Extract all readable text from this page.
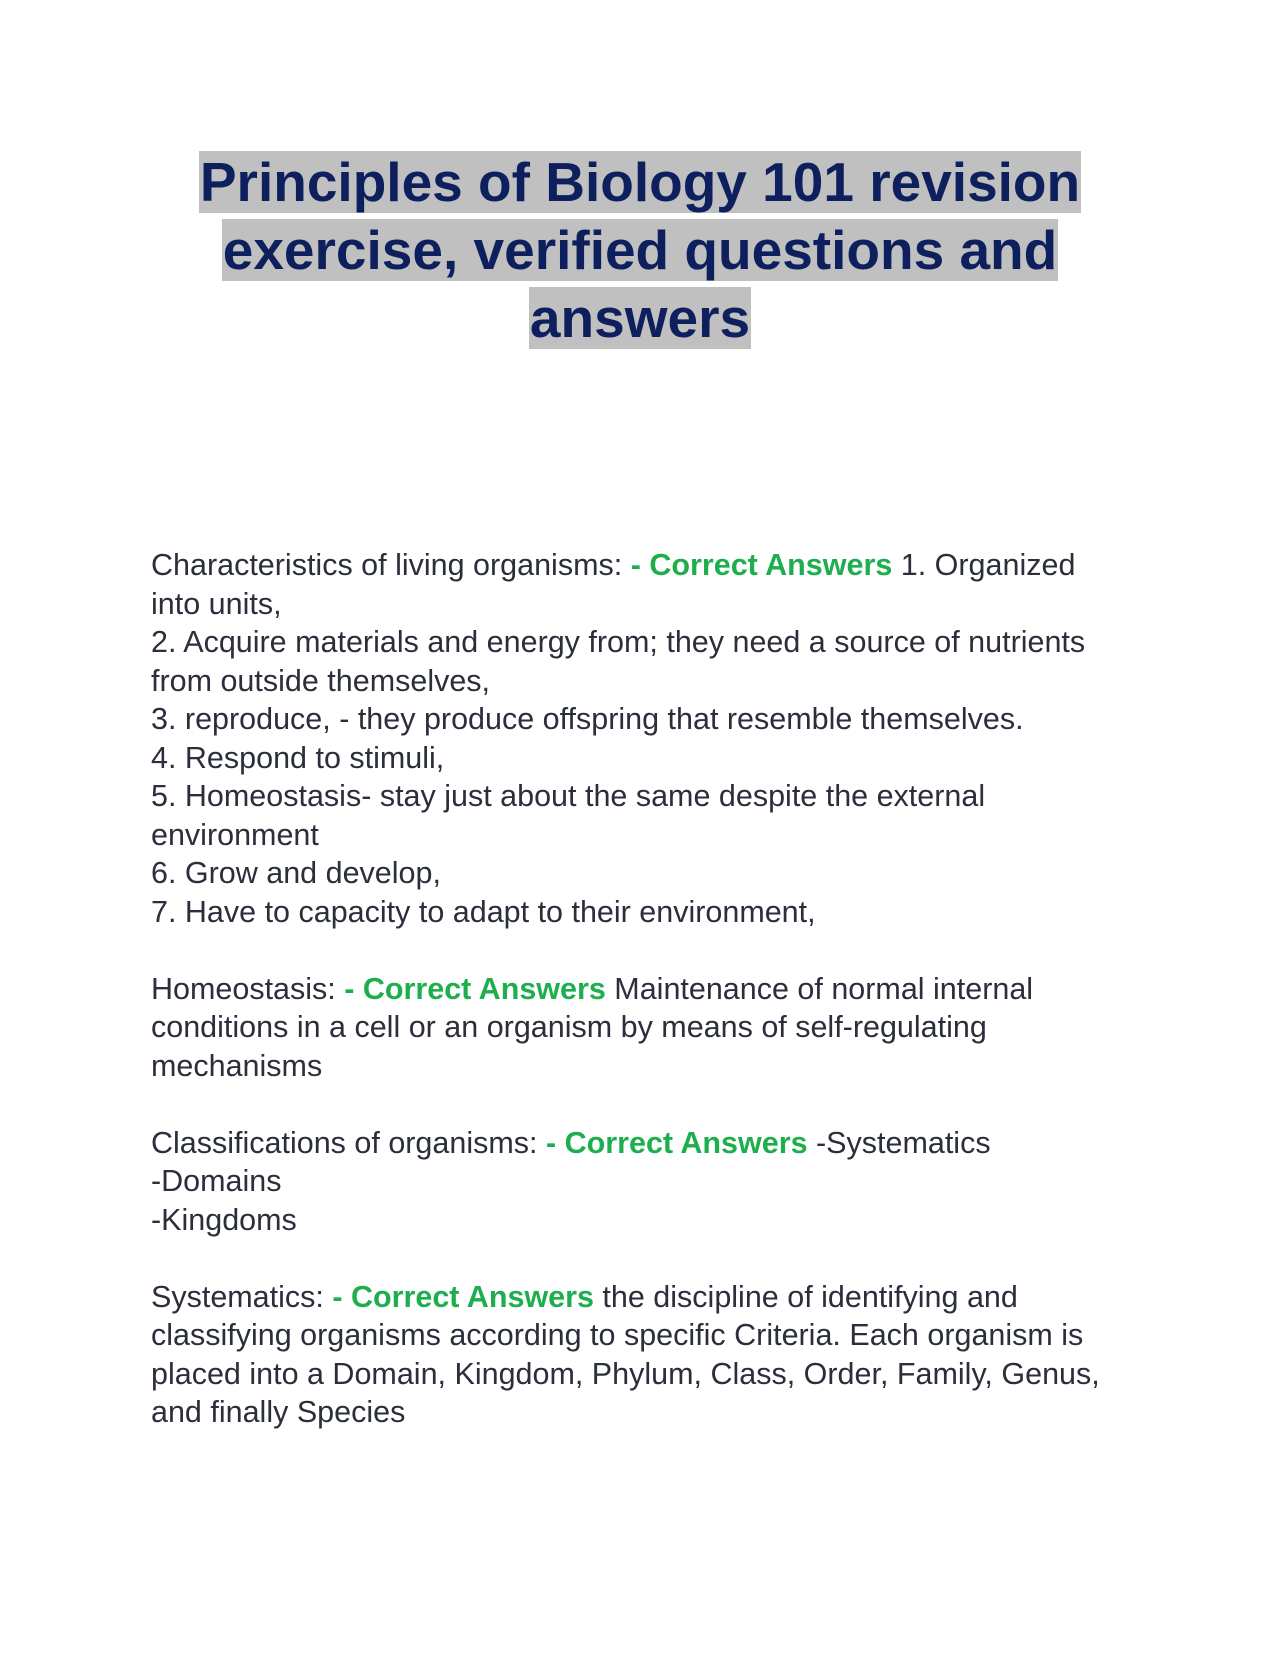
Principles of Biology 101 revision exercise, verified questions and answers
Characteristics of living organisms: - Correct Answers 1. Organized into units,
2. Acquire materials and energy from; they need a source of nutrients from outside themselves,
3. reproduce, - they produce offspring that resemble themselves.
4. Respond to stimuli,
5. Homeostasis- stay just about the same despite the external environment
6. Grow and develop,
7. Have to capacity to adapt to their environment,
Homeostasis: - Correct Answers Maintenance of normal internal conditions in a cell or an organism by means of self-regulating mechanisms
Classifications of organisms: - Correct Answers -Systematics
-Domains
-Kingdoms
Systematics: - Correct Answers the discipline of identifying and classifying organisms according to specific Criteria. Each organism is placed into a Domain, Kingdom, Phylum, Class, Order, Family, Genus, and finally Species
